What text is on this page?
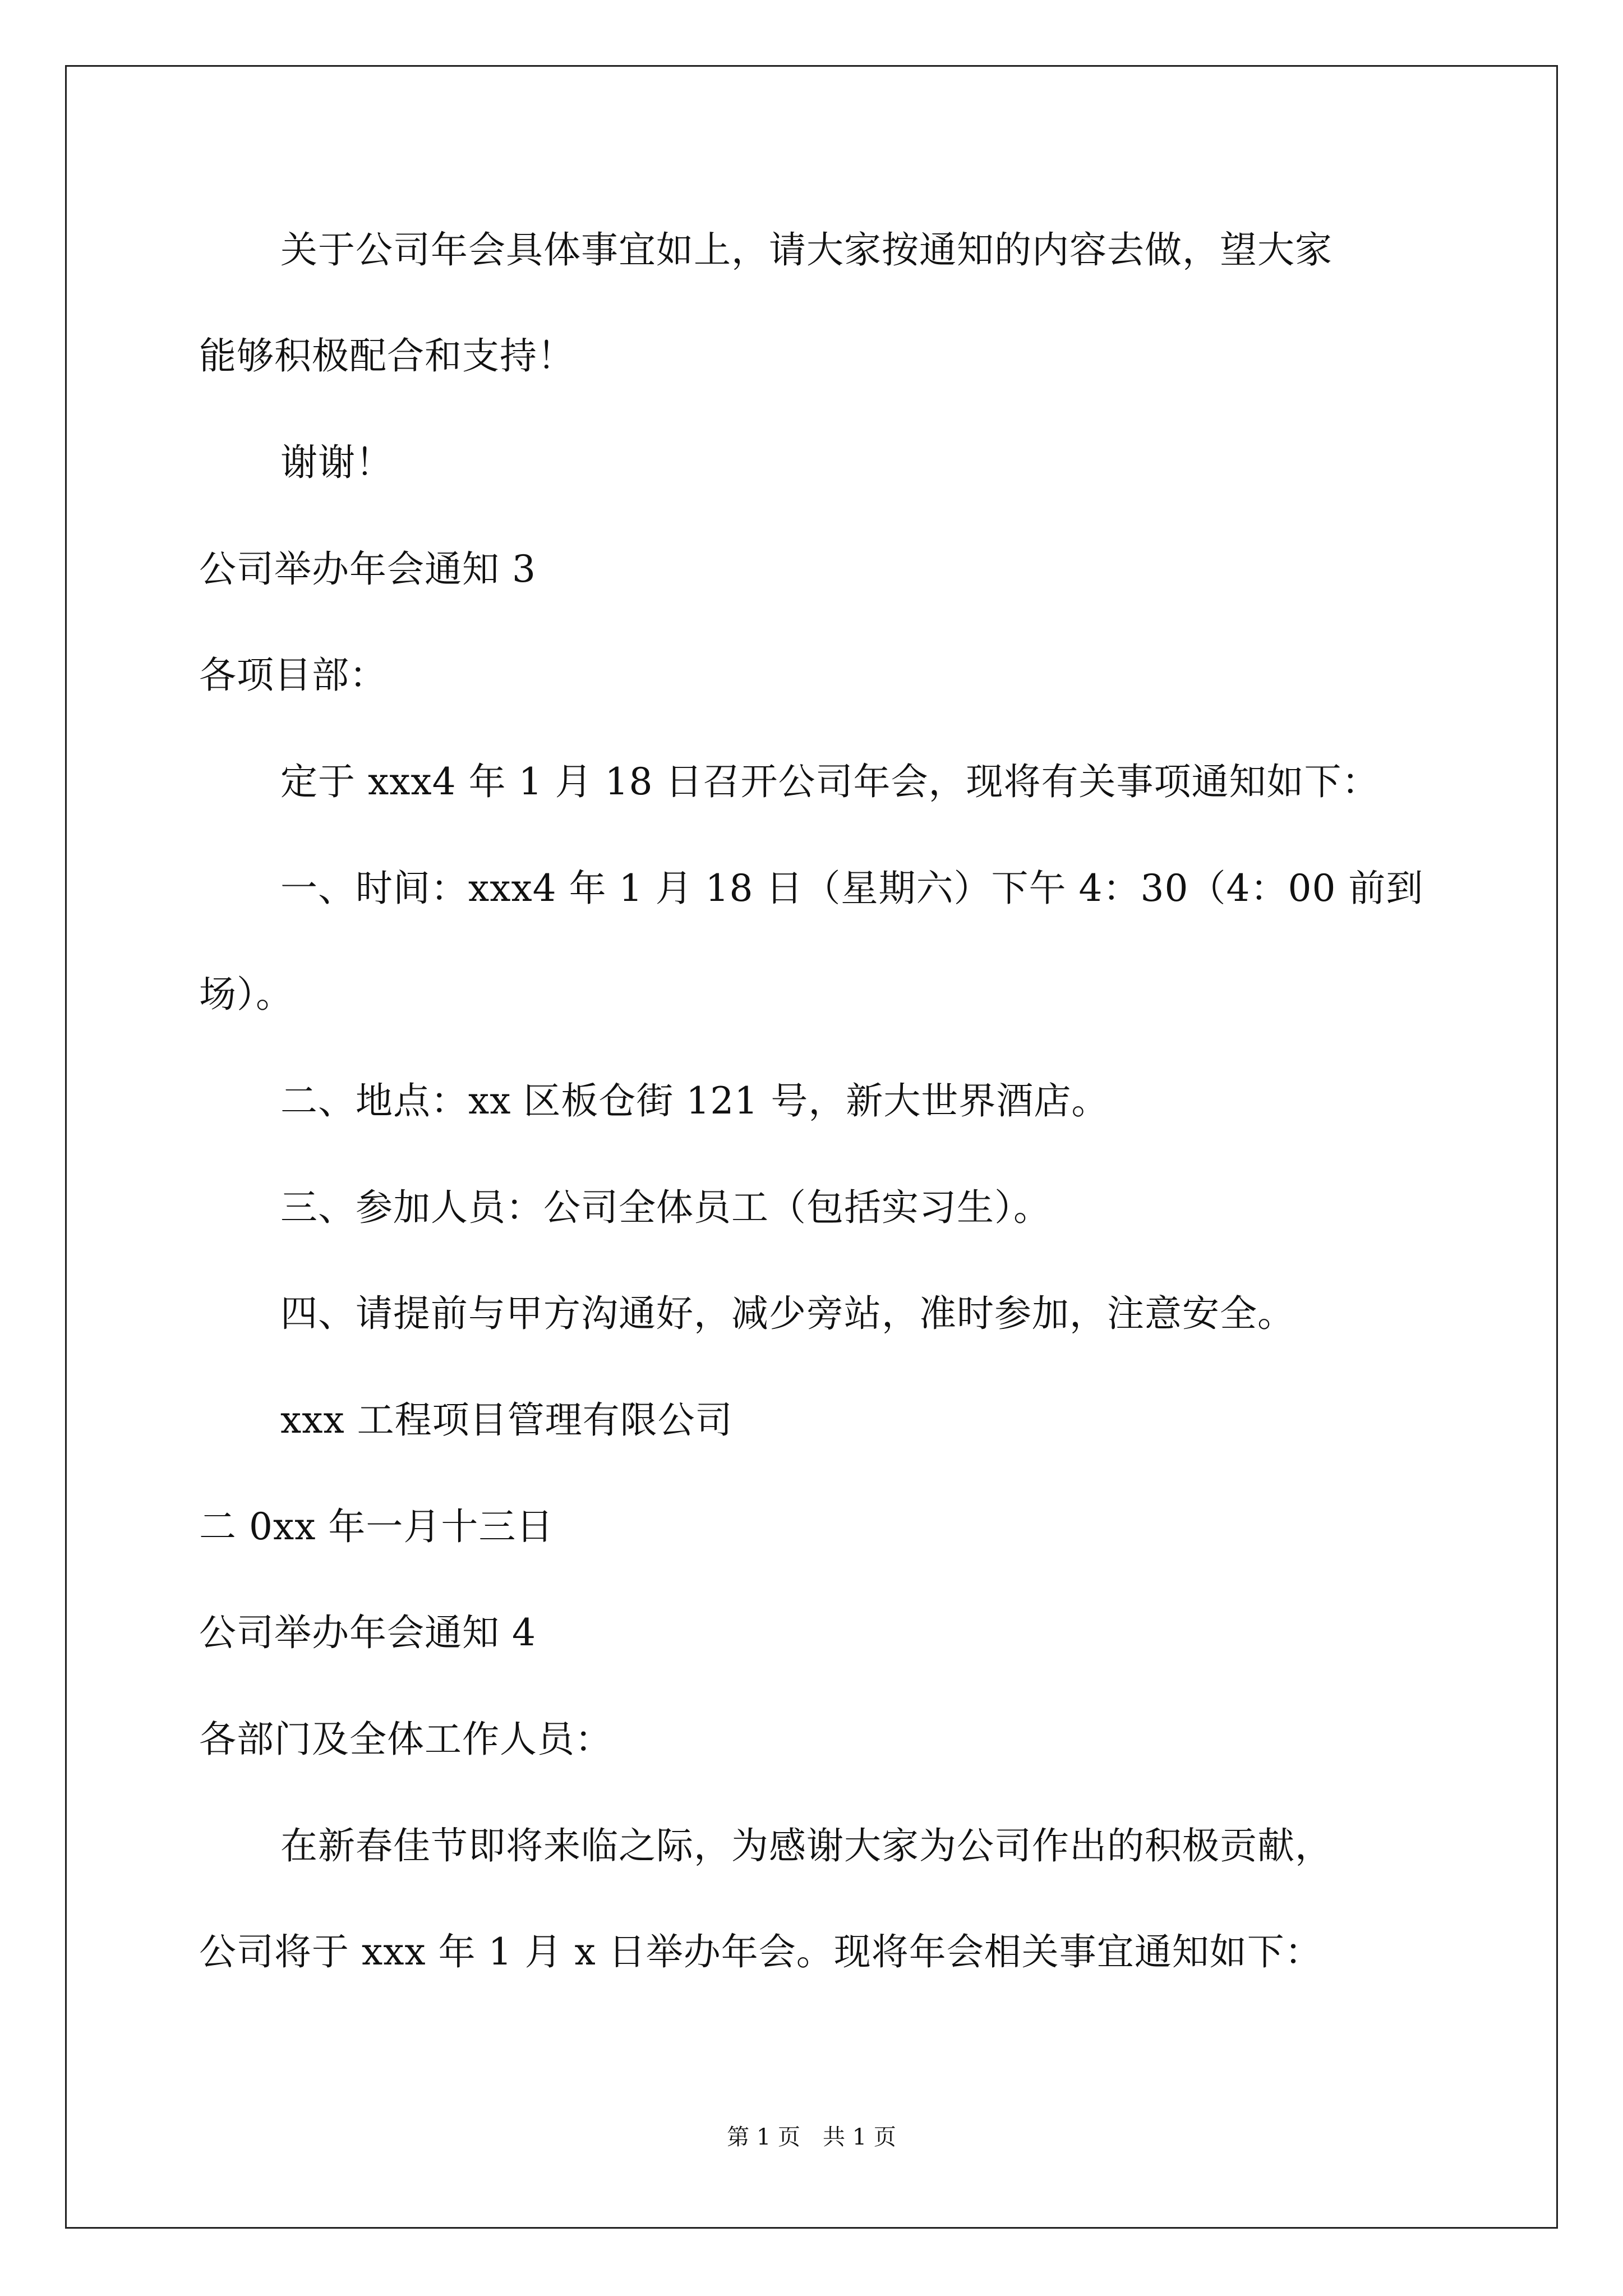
关于公司年会具体事宜如上，请大家按通知的内容去做，望大家
能够积极配合和支持！
谢谢！
公司举办年会通知 3
各项目部：
定于 xxx4 年 1 月 18 日召开公司年会，现将有关事项通知如下：
一、时间：xxx4 年 1 月 18 日（星期六）下午 4：30（4：00 前到
场）。
二、地点：xx 区板仓街 121 号，新大世界酒店。
三、参加人员：公司全体员工（包括实习生）。
四、请提前与甲方沟通好，减少旁站，准时参加，注意安全。
xxx 工程项目管理有限公司
二 0xx 年一月十三日
公司举办年会通知 4
各部门及全体工作人员：
在新春佳节即将来临之际，为感谢大家为公司作出的积极贡献，
公司将于 xxx 年 1 月 x 日举办年会。现将年会相关事宜通知如下：
第 1 页　共 1 页
